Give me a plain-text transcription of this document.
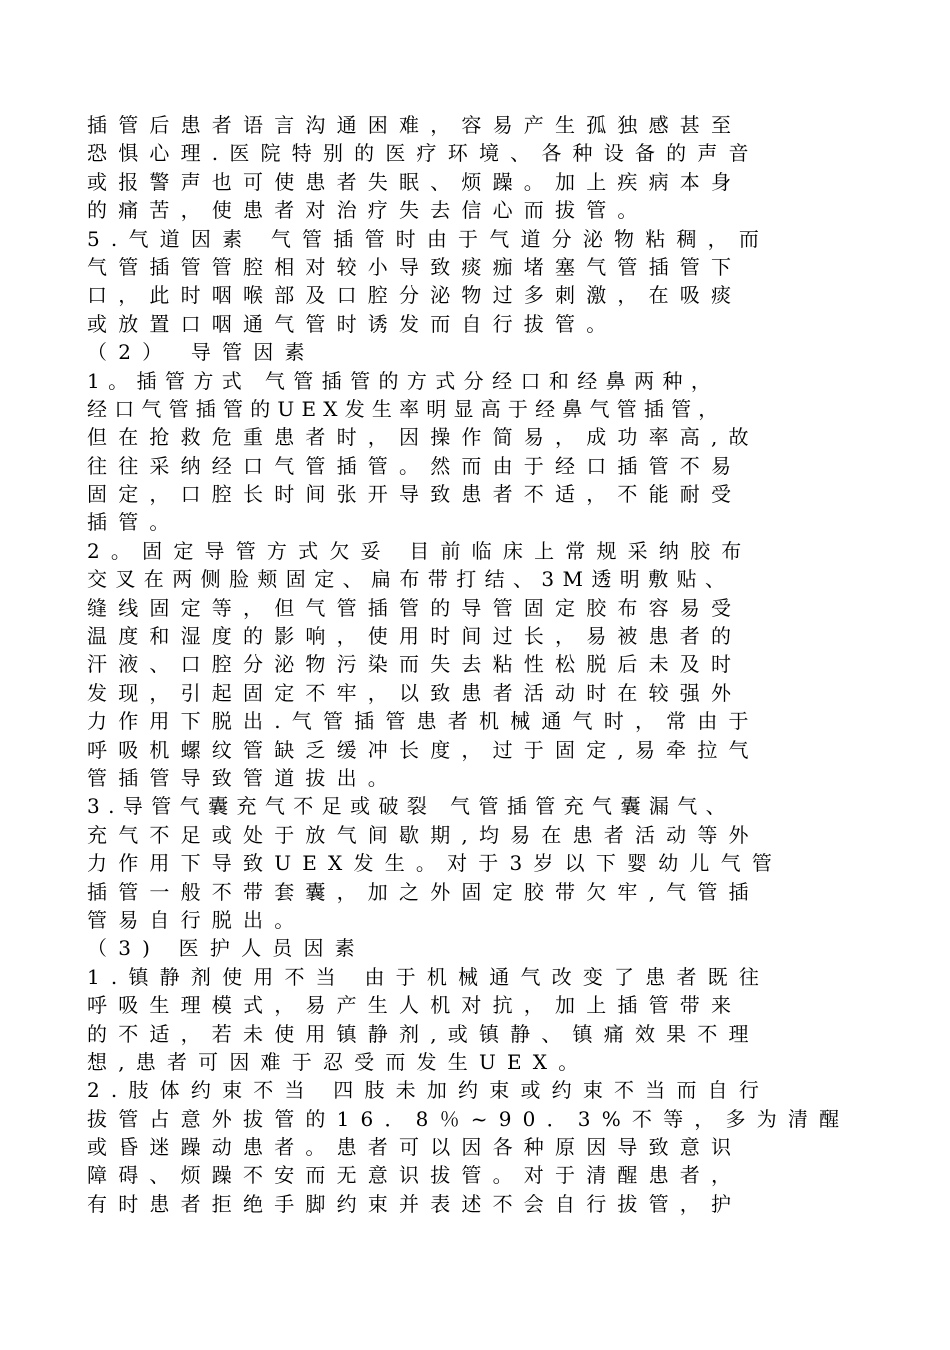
插管后患者语言沟通困难，容易产生孤独感甚至
恐惧心理.医院特别的医疗环境、各种设备的声音
或报警声也可使患者失眠、烦躁。加上疾病本身
的痛苦，使患者对治疗失去信心而拔管。
5.气道因素 气管插管时由于气道分泌物粘稠，而
气管插管管腔相对较小导致痰痂堵塞气管插管下
口，此时咽喉部及口腔分泌物过多刺激，在吸痰
或放置口咽通气管时诱发而自行拔管。
（2） 导管因素
1。插管方式 气管插管的方式分经口和经鼻两种，
经口气管插管的UEX发生率明显高于经鼻气管插管，
但在抢救危重患者时，因操作简易，成功率高,故
往往采纳经口气管插管。然而由于经口插管不易
固定，口腔长时间张开导致患者不适，不能耐受
插管。
2。固定导管方式欠妥 目前临床上常规采纳胶布
交叉在两侧脸颊固定、扁布带打结、3M透明敷贴、
缝线固定等，但气管插管的导管固定胶布容易受
温度和湿度的影响，使用时间过长，易被患者的
汗液、口腔分泌物污染而失去粘性松脱后未及时
发现，引起固定不牢，以致患者活动时在较强外
力作用下脱出.气管插管患者机械通气时，常由于
呼吸机螺纹管缺乏缓冲长度，过于固定,易牵拉气
管插管导致管道拔出。
3.导管气囊充气不足或破裂 气管插管充气囊漏气、
充气不足或处于放气间歇期,均易在患者活动等外
力作用下导致UEX发生。对于3岁以下婴幼儿气管
插管一般不带套囊，加之外固定胶带欠牢,气管插
管易自行脱出。
（3) 医护人员因素
1.镇静剂使用不当 由于机械通气改变了患者既往
呼吸生理模式，易产生人机对抗，加上插管带来
的不适，若未使用镇静剂,或镇静、镇痛效果不理
想,患者可因难于忍受而发生UEX。
2.肢体约束不当 四肢未加约束或约束不当而自行
拔管占意外拔管的16．8％~90．3%不等，多为清醒
或昏迷躁动患者。患者可以因各种原因导致意识
障碍、烦躁不安而无意识拔管。对于清醒患者，
有时患者拒绝手脚约束并表述不会自行拔管，护
